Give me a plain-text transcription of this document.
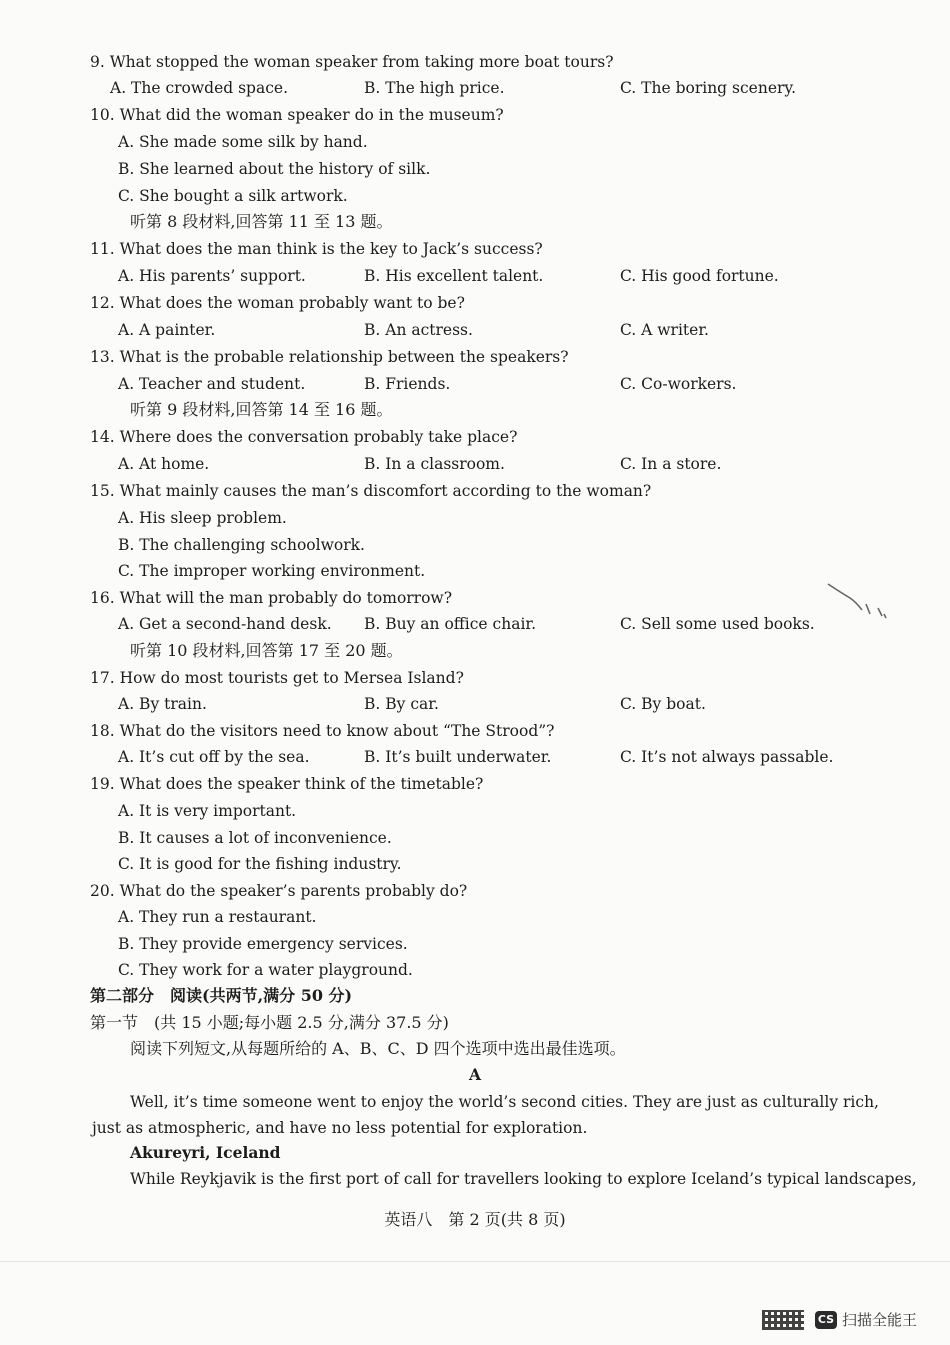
9. What stopped the woman speaker from taking more boat tours?
A. The crowded space.	B. The high price.	C. The boring scenery.
10. What did the woman speaker do in the museum?
A. She made some silk by hand.
B. She learned about the history of silk.
C. She bought a silk artwork.
听第 8 段材料,回答第 11 至 13 题。
11. What does the man think is the key to Jack’s success?
A. His parents’ support.	B. His excellent talent.	C. His good fortune.
12. What does the woman probably want to be?
A. A painter.	B. An actress.	C. A writer.
13. What is the probable relationship between the speakers?
A. Teacher and student.	B. Friends.	C. Co-workers.
听第 9 段材料,回答第 14 至 16 题。
14. Where does the conversation probably take place?
A. At home.	B. In a classroom.	C. In a store.
15. What mainly causes the man’s discomfort according to the woman?
A. His sleep problem.
B. The challenging schoolwork.
C. The improper working environment.
16. What will the man probably do tomorrow?
A. Get a second-hand desk. B. Buy an office chair.	C. Sell some used books.
听第 10 段材料,回答第 17 至 20 题。
17. How do most tourists get to Mersea Island?
A. By train.	B. By car.	C. By boat.
18. What do the visitors need to know about “The Strood”?
A. It’s cut off by the sea.	B. It’s built underwater.	C. It’s not always passable.
19. What does the speaker think of the timetable?
A. It is very important.
B. It causes a lot of inconvenience.
C. It is good for the fishing industry.
20. What do the speaker’s parents probably do?
A. They run a restaurant.
B. They provide emergency services.
C. They work for a water playground.
第二部分　阅读(共两节,满分 50 分)
第一节　(共 15 小题;每小题 2.5 分,满分 37.5 分)
阅读下列短文,从每题所给的 A、B、C、D 四个选项中选出最佳选项。
A
Well, it’s time someone went to enjoy the world’s second cities. They are just as culturally rich, just as atmospheric, and have no less potential for exploration.
Akureyri, Iceland
While Reykjavik is the first port of call for travellers looking to explore Iceland’s typical landscapes,
英语八　第 2 页(共 8 页)
CS 扫描全能王
